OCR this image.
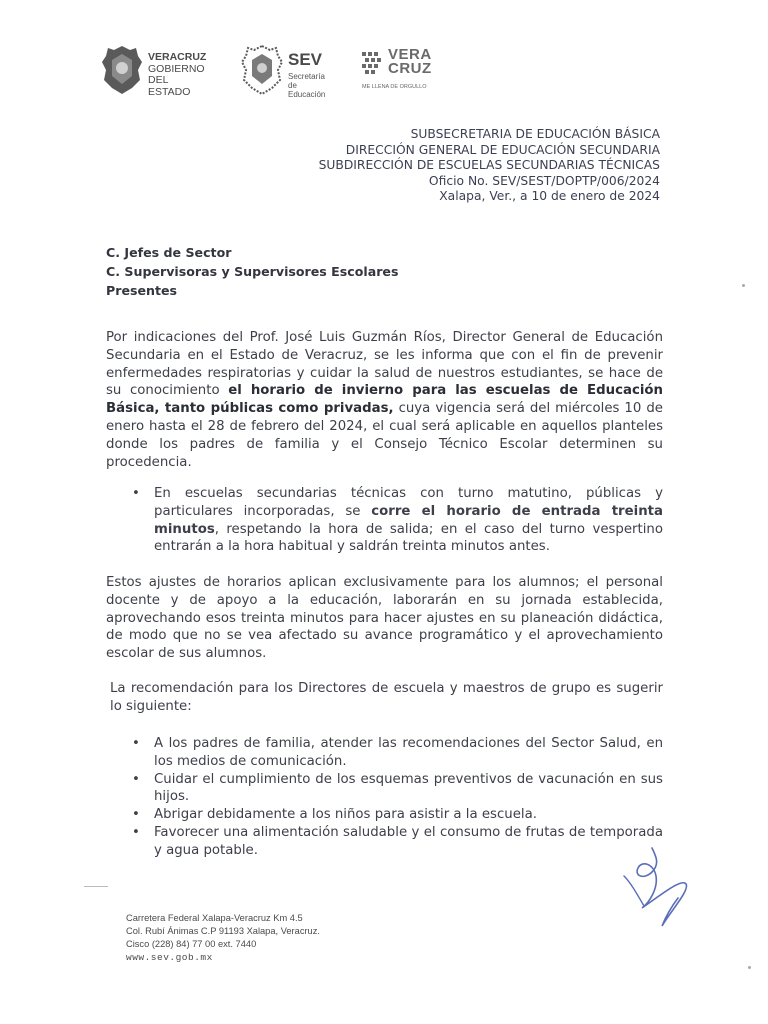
VERACRUZ
GOBIERNO
DEL ESTADO
SEV
Secretaría
de Educación
VERA
CRUZ
ME LLENA DE ORGULLO
SUBSECRETARIA DE EDUCACIÓN BÁSICA
DIRECCIÓN GENERAL DE EDUCACIÓN SECUNDARIA
SUBDIRECCIÓN DE ESCUELAS SECUNDARIAS TÉCNICAS
Oficio No. SEV/SEST/DOPTP/006/2024
Xalapa, Ver., a 10 de enero de 2024
C. Jefes de Sector
C. Supervisoras y Supervisores Escolares
Presentes
Por indicaciones del Prof. José Luis Guzmán Ríos, Director General de Educación Secundaria en el Estado de Veracruz, se les informa que con el fin de prevenir enfermedades respiratorias y cuidar la salud de nuestros estudiantes, se hace de su conocimiento el horario de invierno para las escuelas de Educación Básica, tanto públicas como privadas, cuya vigencia será del miércoles 10 de enero hasta el 28 de febrero del 2024, el cual será aplicable en aquellos planteles donde los padres de familia y el Consejo Técnico Escolar determinen su procedencia.
• En escuelas secundarias técnicas con turno matutino, públicas y particulares incorporadas, se corre el horario de entrada treinta minutos, respetando la hora de salida; en el caso del turno vespertino entrarán a la hora habitual y saldrán treinta minutos antes.
Estos ajustes de horarios aplican exclusivamente para los alumnos; el personal docente y de apoyo a la educación, laborarán en su jornada establecida, aprovechando esos treinta minutos para hacer ajustes en su planeación didáctica, de modo que no se vea afectado su avance programático y el aprovechamiento escolar de sus alumnos.
La recomendación para los Directores de escuela y maestros de grupo es sugerir lo siguiente:
• A los padres de familia, atender las recomendaciones del Sector Salud, en los medios de comunicación.
• Cuidar el cumplimiento de los esquemas preventivos de vacunación en sus hijos.
• Abrigar debidamente a los niños para asistir a la escuela.
• Favorecer una alimentación saludable y el consumo de frutas de temporada y agua potable.
Carretera Federal Xalapa-Veracruz Km 4.5
Col. Rubí Ánimas C.P 91193 Xalapa, Veracruz.
Cisco (228) 84) 77 00 ext. 7440
www.sev.gob.mx
